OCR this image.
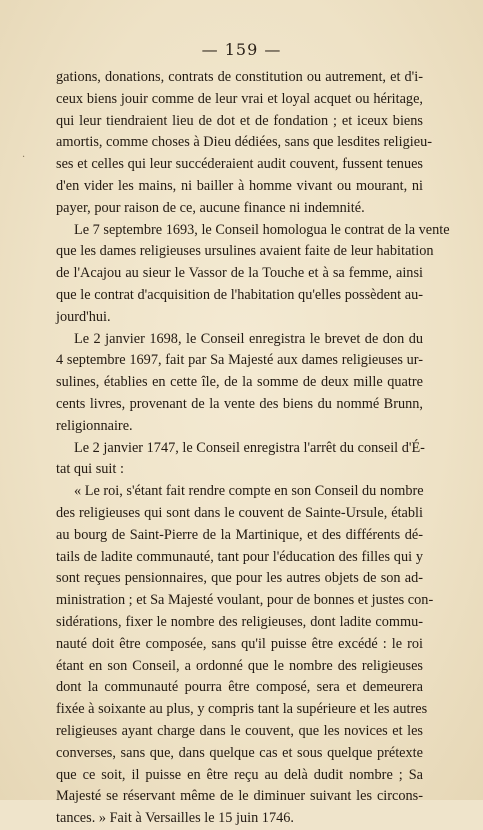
— 159 —
·

gations, donations, contrats de constitution ou autrement, et d'i-
ceux biens jouir comme de leur vrai et loyal acquet ou héritage,
qui leur tiendraient lieu de dot et de fondation ; et iceux biens
amortis, comme choses à Dieu dédiées, sans que lesdites religieu-
ses et celles qui leur succéderaient audit couvent, fussent tenues
d'en vider les mains, ni bailler à homme vivant ou mourant, ni
payer, pour raison de ce, aucune finance ni indemnité.

Le 7 septembre 1693, le Conseil homologua le contrat de la vente
que les dames religieuses ursulines avaient faite de leur habitation
de l'Acajou au sieur le Vassor de la Touche et à sa femme, ainsi
que le contrat d'acquisition de l'habitation qu'elles possèdent au-
jourd'hui.

Le 2 janvier 1698, le Conseil enregistra le brevet de don du
4 septembre 1697, fait par Sa Majesté aux dames religieuses ur-
sulines, établies en cette île, de la somme de deux mille quatre
cents livres, provenant de la vente des biens du nommé Brunn,
religionnaire.

Le 2 janvier 1747, le Conseil enregistra l'arrêt du conseil d'É-
tat qui suit :

« Le roi, s'étant fait rendre compte en son Conseil du nombre
des religieuses qui sont dans le couvent de Sainte-Ursule, établi
au bourg de Saint-Pierre de la Martinique, et des différents dé-
tails de ladite communauté, tant pour l'éducation des filles qui y
sont reçues pensionnaires, que pour les autres objets de son ad-
ministration ; et Sa Majesté voulant, pour de bonnes et justes con-
sidérations, fixer le nombre des religieuses, dont ladite commu-
nauté doit être composée, sans qu'il puisse être excédé : le roi
étant en son Conseil, a ordonné que le nombre des religieuses
dont la communauté pourra être composé, sera et demeurera
fixée à soixante au plus, y compris tant la supérieure et les autres
religieuses ayant charge dans le couvent, que les novices et les
converses, sans que, dans quelque cas et sous quelque prétexte
que ce soit, il puisse en être reçu au delà dudit nombre ; Sa
Majesté se réservant même de le diminuer suivant les circons-
tances. » Fait à Versailles le 15 juin 1746.
